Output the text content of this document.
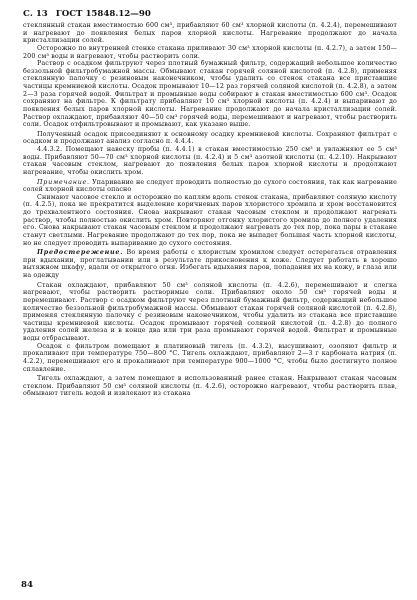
С. 13 ГОСТ 15848.12—90

стеклянный стакан вместимостью 600 см³, прибавляют 60 см³ хлорной кислоты (п. 4.2.4), перемешивают и нагревают до появления белых паров хлорной кислоты. Нагревание продолжают до начала кристаллизации солей.

Осторожно по внутренней стенке стакана приливают 30 см³ хлорной кислоты (п. 4.2.7), а затем 150—200 см³ воды и нагревают, чтобы растворить соли.

Раствор с осадком фильтруют через плотный бумажный фильтр, содержащий небольшое количество беззольной фильтробумажной массы. Обмывают стакан горячей соляной кислотой (п. 4.2.8), применяя стеклянную палочку с резиновым наконечником, чтобы удалить со стенок стакана все приставшие частицы кремниевой кислоты. Осадок промывают 10—12 раз горячей соляной кислотой (п. 4.2.8), а затем 2—3 раза горячей водой. Фильтрат и промывные воды собирают в стакан вместимостью 600 см³. Осадок сохраняют на фильтре. К фильтрату прибавляют 10 см³ хлорной кислоты (п. 4.2.4) и выпаривают до появления белых паров хлорной кислоты. Нагревание продолжают до начала кристаллизации солей. Раствор охлаждают, прибавляют 40—50 см³ горячей воды, перемешивают и нагревают, чтобы растворить соли. Осадок отфильтровывают и промывают, как указано выше.

Полученный осадок присоединяют к основному осадку кремниевой кислоты. Сохраняют фильтрат с осадком и продолжают анализ согласно п. 4.4.4.

4.4.3.2. Помещают навеску пробы (п. 4.4.1) в стакан вместимостью 250 см³ и увлажняют ее 5 см³ воды. Прибавляют 50—70 см³ хлорной кислоты (п. 4.2.4) и 5 см³ азотной кислоты (п. 4.2.10). Накрывают стакан часовым стеклом, нагревают до появления белых паров хлорной кислоты и продолжают нагревание, чтобы окислить хром.

Примечание. Упаривание не следует проводить полностью до сухого состояния, так как нагревание солей хлорной кислоты опасно

Снимают часовое стекло и осторожно по каплям вдоль стенок стакана, прибавляют соляную кислоту (п. 4.2.5), пока не прекратится выделение коричневых паров хлористого хромила и хром восстановится до трехвалентного состояния. Снова накрывают стакан часовым стеклом и продолжают нагревать раствор, чтобы полностью окислить хром. Повторяют отгонку хлористого хромила до полного удаления его. Снова накрывают стакан часовым стеклом и продолжают нагревать до тех пор, пока пары в стакане станут светлыми. Нагревание продолжают до тех пор, пока не выпадет большая часть хлорной кислоты, но не следует проводить выпаривание до сухого состояния.

Предостережение. Во время работы с хлористым хромилом следует остерегаться отравления при вдыхании, проглатывании или в результате прикосновения к коже. Следует работать в хорошо вытяжном шкафу, вдали от открытого огня. Избегать вдыхания паров, попадания их на кожу, в глаза или на одежду

Стакан охлаждают, прибавляют 50 см³ соляной кислоты (п. 4.2.6), перемешивают и слегка нагревают, чтобы растворить растворимые соли. Прибавляют около 50 см³ горячей воды и перемешивают. Раствор с осадком фильтруют через плотный бумажный фильтр, содержащий небольшое количество беззольной фильтробумажной массы. Обмывают стакан горячей соляной кислотой (п. 4.2.8), применяя стеклянную палочку с резиновым наконечником, чтобы удалить из стакана все приставшие частицы кремниевой кислоты. Осадок промывают горячей соляной кислотой (п. 4.2.8) до полного удаления солей железа и в конце два или три раза промывают горячей водой. Фильтрат и промывные воды отбрасывают.

Осадок с фильтром помещают в платиновый тигель (п. 4.3.2), высушивают, озоляют фильтр и прокаливают при температуре 750—800 °С. Тигель охлаждают, прибавляют 2—3 г карбоната натрия (п. 4.2.2), перемешивают его и прокаливают при температуре 900—1000 °С, чтобы было достигнуто полное сплавление.

Тигель охлаждают, а затем помещают в использованный ранее стакан. Накрывают стакан часовым стеклом. Прибавляют 50 см³ соляной кислоты (п. 4.2.6), осторожно нагревают, чтобы растворить плав, обмывают тигель водой и извлекают из стакана

84
